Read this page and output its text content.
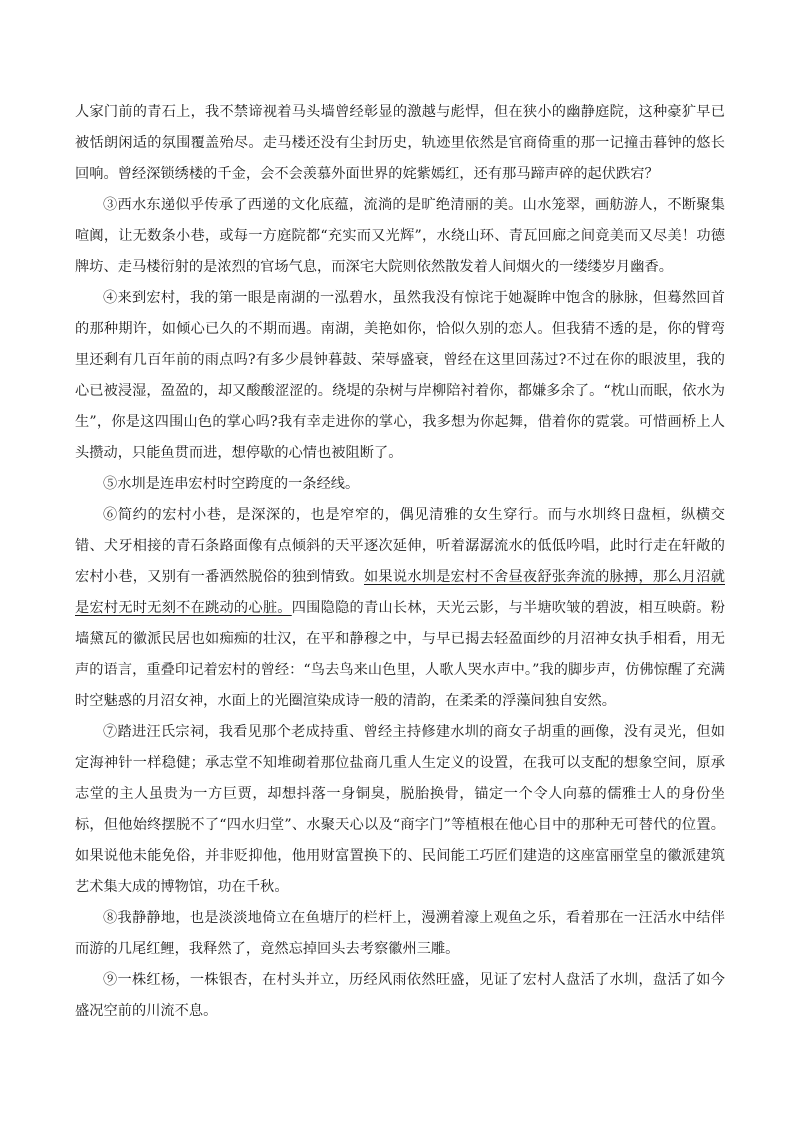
人家门前的青石上，我不禁谛视着马头墙曾经彰显的激越与彪悍，但在狭小的幽静庭院，这种豪犷早已被恬朗闲适的氛围覆盖殆尽。走马楼还没有尘封历史，轨迹里依然是官商倚重的那一记撞击暮钟的悠长回响。曾经深锁绣楼的千金，会不会羡慕外面世界的姹紫嫣红，还有那马蹄声碎的起伏跌宕？

③西水东递似乎传承了西递的文化底蕴，流淌的是旷绝清丽的美。山水笼翠，画舫游人，不断聚集喧阗，让无数条小巷，或每一方庭院都“充实而又光辉”，水绕山环、青瓦回廊之间竟美而又尽美！功德牌坊、走马楼衍射的是浓烈的官场气息，而深宅大院则依然散发着人间烟火的一缕缕岁月幽香。

④来到宏村，我的第一眼是南湖的一泓碧水，虽然我没有惊诧于她凝眸中饱含的脉脉，但蓦然回首的那种期许，如倾心已久的不期而遇。南湖，美艳如你，恰似久别的恋人。但我猜不透的是，你的臂弯里还剩有几百年前的雨点吗?有多少晨钟暮鼓、荣辱盛衰，曾经在这里回荡过?不过在你的眼波里，我的心已被浸湿，盈盈的，却又酸酸涩涩的。绕堤的杂树与岸柳陪衬着你，都嫌多余了。“枕山而眠，依水为生”，你是这四围山色的掌心吗?我有幸走进你的掌心，我多想为你起舞，借着你的霓裳。可惜画桥上人头攒动，只能鱼贯而进，想停歇的心情也被阻断了。

⑤水圳是连串宏村时空跨度的一条经线。

⑥简约的宏村小巷，是深深的，也是窄窄的，偶见清雅的女生穿行。而与水圳终日盘桓，纵横交错、犬牙相接的青石条路面像有点倾斜的天平逐次延伸，听着潺潺流水的低低吟唱，此时行走在轩敞的宏村小巷，又别有一番洒然脱俗的独到情致。如果说水圳是宏村不舍昼夜舒张奔流的脉搏，那么月沼就是宏村无时无刻不在跳动的心脏。四围隐隐的青山长林，天光云影，与半塘吹皱的碧波，相互映蔚。粉墙黛瓦的徽派民居也如痴痴的壮汉，在平和静穆之中，与早已揭去轻盈面纱的月沼神女执手相看，用无声的语言，重叠印记着宏村的曾经：“鸟去鸟来山色里，人歌人哭水声中。”我的脚步声，仿佛惊醒了充满时空魅惑的月沼女神，水面上的光圈渲染成诗一般的清韵，在柔柔的浮藻间独自安然。

⑦踏进汪氏宗祠，我看见那个老成持重、曾经主持修建水圳的商女子胡重的画像，没有灵光，但如定海神针一样稳健；承志堂不知堆砌着那位盐商几重人生定义的设置，在我可以支配的想象空间，原承志堂的主人虽贵为一方巨贾，却想抖落一身铜臭，脱胎换骨，锚定一个令人向慕的儒雅士人的身份坐标，但他始终摆脱不了“四水归堂”、水聚天心以及“商字门”等植根在他心目中的那种无可替代的位置。如果说他未能免俗，并非贬抑他，他用财富置换下的、民间能工巧匠们建造的这座富丽堂皇的徽派建筑艺术集大成的博物馆，功在千秋。

⑧我静静地，也是淡淡地倚立在鱼塘厅的栏杆上，漫溯着濠上观鱼之乐，看着那在一汪活水中结伴而游的几尾红鲤，我释然了，竟然忘掉回头去考察徽州三雕。

⑨一株红杨，一株银杏，在村头并立，历经风雨依然旺盛，见证了宏村人盘活了水圳，盘活了如今盛况空前的川流不息。
